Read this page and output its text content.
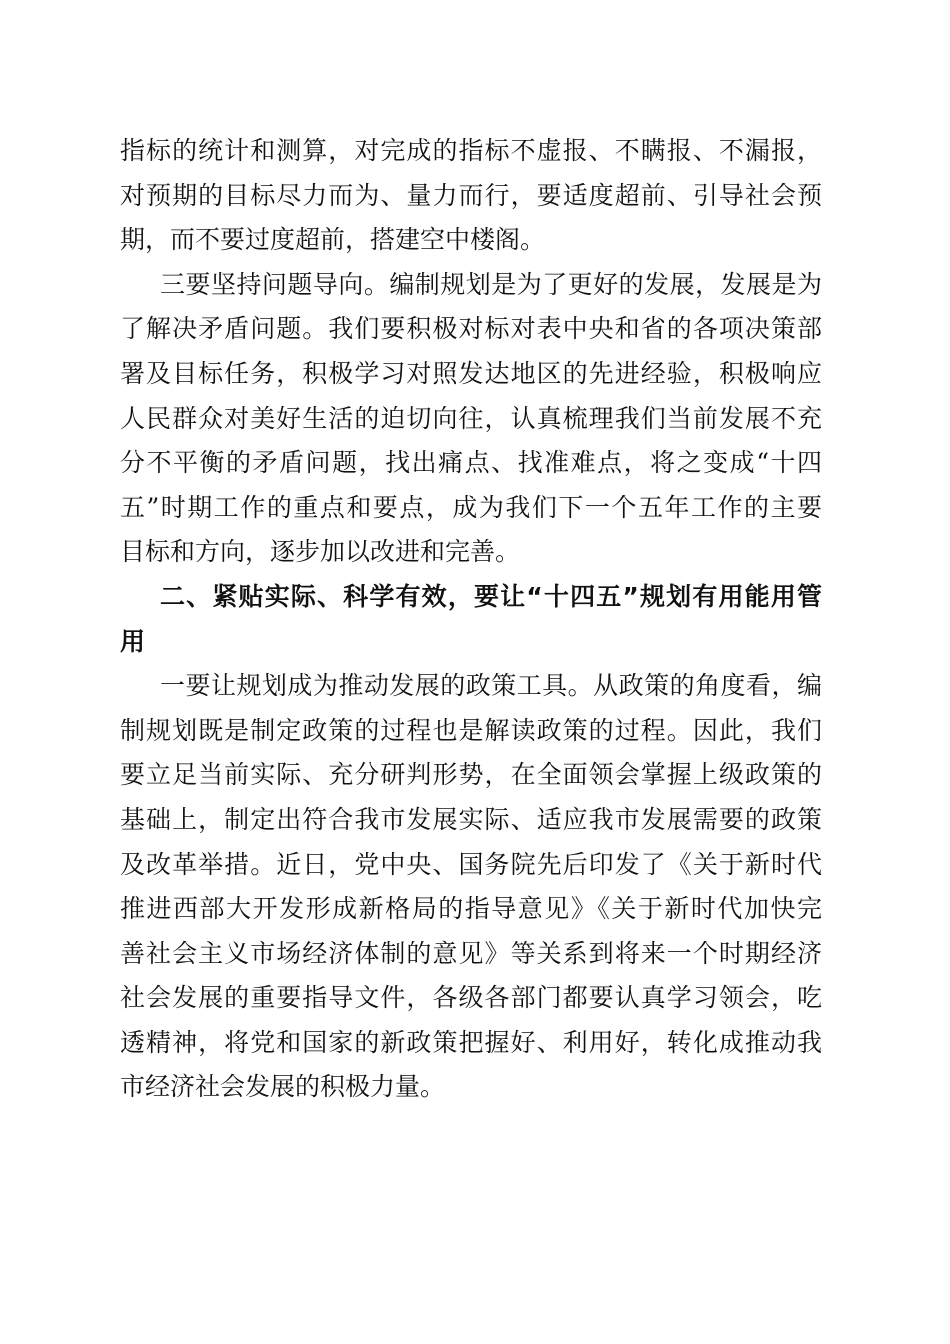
指标的统计和测算，对完成的指标不虚报、不瞒报、不漏报，
对预期的目标尽力而为、量力而行，要适度超前、引导社会预
期，而不要过度超前，搭建空中楼阁。
三要坚持问题导向。编制规划是为了更好的发展，发展是为
了解决矛盾问题。我们要积极对标对表中央和省的各项决策部
署及目标任务，积极学习对照发达地区的先进经验，积极响应
人民群众对美好生活的迫切向往，认真梳理我们当前发展不充
分不平衡的矛盾问题，找出痛点、找准难点，将之变成“十四
五”时期工作的重点和要点，成为我们下一个五年工作的主要
目标和方向，逐步加以改进和完善。
二、紧贴实际、科学有效，要让“十四五”规划有用能用管
用
一要让规划成为推动发展的政策工具。从政策的角度看，编
制规划既是制定政策的过程也是解读政策的过程。因此，我们
要立足当前实际、充分研判形势，在全面领会掌握上级政策的
基础上，制定出符合我市发展实际、适应我市发展需要的政策
及改革举措。近日，党中央、国务院先后印发了《关于新时代
推进西部大开发形成新格局的指导意见》《关于新时代加快完
善社会主义市场经济体制的意见》等关系到将来一个时期经济
社会发展的重要指导文件，各级各部门都要认真学习领会，吃
透精神，将党和国家的新政策把握好、利用好，转化成推动我
市经济社会发展的积极力量。
